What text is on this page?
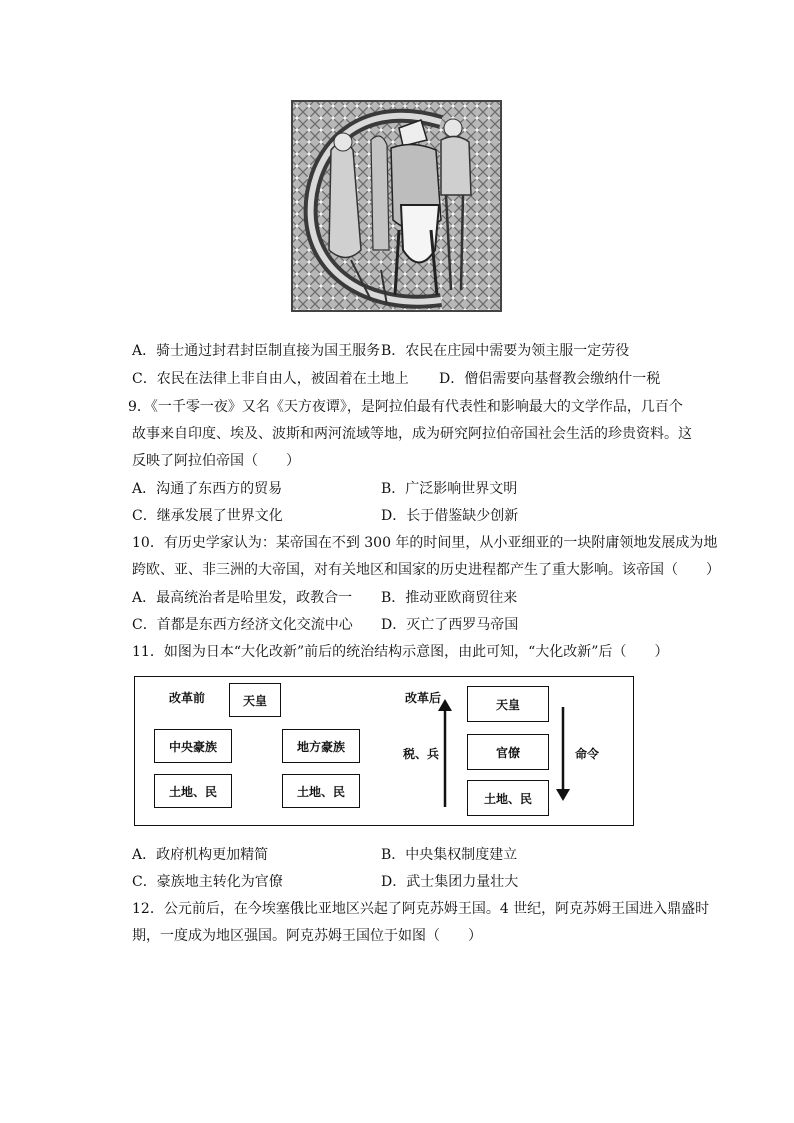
A．骑士通过封君封臣制直接为国王服务 B．农民在庄园中需要为领主服一定劳役
C．农民在法律上非自由人，被固着在土地上 D．僧侣需要向基督教会缴纳什一税
9．《一千零一夜》又名《天方夜谭》，是阿拉伯最有代表性和影响最大的文学作品，几百个
故事来自印度、埃及、波斯和两河流域等地，成为研究阿拉伯帝国社会生活的珍贵资料。这
反映了阿拉伯帝国（　　）
A．沟通了东西方的贸易	B．广泛影响世界文明
C．继承发展了世界文化	D．长于借鉴缺少创新
10．有历史学家认为：某帝国在不到 300 年的时间里，从小亚细亚的一块附庸领地发展成为地
跨欧、亚、非三洲的大帝国，对有关地区和国家的历史进程都产生了重大影响。该帝国（　　）
A．最高统治者是哈里发，政教合一 B．推动亚欧商贸往来
C．首都是东西方经济文化交流中心 D．灭亡了西罗马帝国
11．如图为日本“大化改新”前后的统治结构示意图，由此可知，“大化改新”后（　　）
改革前	天皇
中央豪族	地方豪族
土地、民	土地、民
改革后
税、兵
天皇
官僚
土地、民
命令
A．政府机构更加精简	B．中央集权制度建立
C．豪族地主转化为官僚	D．武士集团力量壮大
12．公元前后，在今埃塞俄比亚地区兴起了阿克苏姆王国。4 世纪，阿克苏姆王国进入鼎盛时
期，一度成为地区强国。阿克苏姆王国位于如图（　　）
